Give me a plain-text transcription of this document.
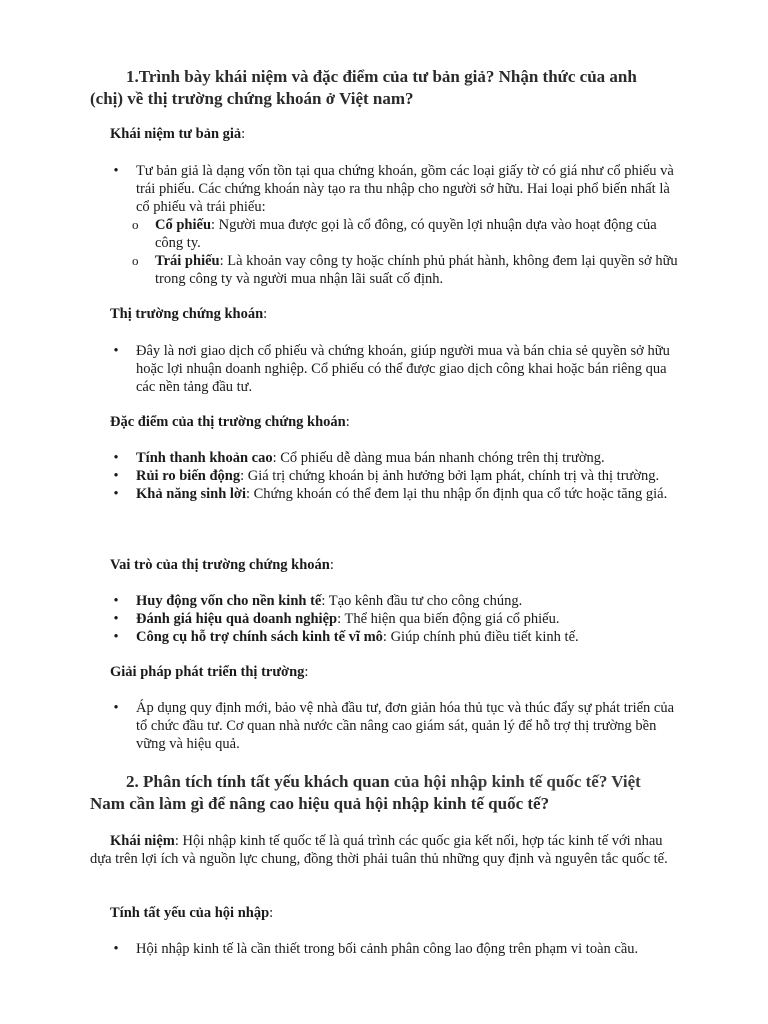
1.Trình bày khái niệm và đặc điểm của tư bản giả? Nhận thức của anh
(chị) về thị trường chứng khoán ở Việt nam?
Khái niệm tư bản giả:
• Tư bản giả là dạng vốn tồn tại qua chứng khoán, gồm các loại giấy tờ có giá như cổ phiếu và trái phiếu. Các chứng khoán này tạo ra thu nhập cho người sở hữu. Hai loại phổ biến nhất là cổ phiếu và trái phiếu:
o Cổ phiếu: Người mua được gọi là cổ đông, có quyền lợi nhuận dựa vào hoạt động của công ty.
o Trái phiếu: Là khoản vay công ty hoặc chính phủ phát hành, không đem lại quyền sở hữu trong công ty và người mua nhận lãi suất cố định.
Thị trường chứng khoán:
• Đây là nơi giao dịch cổ phiếu và chứng khoán, giúp người mua và bán chia sẻ quyền sở hữu hoặc lợi nhuận doanh nghiệp. Cổ phiếu có thể được giao dịch công khai hoặc bán riêng qua các nền tảng đầu tư.
Đặc điểm của thị trường chứng khoán:
• Tính thanh khoản cao: Cổ phiếu dễ dàng mua bán nhanh chóng trên thị trường.
• Rủi ro biến động: Giá trị chứng khoán bị ảnh hưởng bởi lạm phát, chính trị và thị trường.
• Khả năng sinh lời: Chứng khoán có thể đem lại thu nhập ổn định qua cổ tức hoặc tăng giá.
Vai trò của thị trường chứng khoán:
• Huy động vốn cho nền kinh tế: Tạo kênh đầu tư cho công chúng.
• Đánh giá hiệu quả doanh nghiệp: Thể hiện qua biến động giá cổ phiếu.
• Công cụ hỗ trợ chính sách kinh tế vĩ mô: Giúp chính phủ điều tiết kinh tế.
Giải pháp phát triển thị trường:
• Áp dụng quy định mới, bảo vệ nhà đầu tư, đơn giản hóa thủ tục và thúc đẩy sự phát triển của tổ chức đầu tư. Cơ quan nhà nước cần nâng cao giám sát, quản lý để hỗ trợ thị trường bền vững và hiệu quả.
2. Phân tích tính tất yếu khách quan của hội nhập kinh tế quốc tế? Việt
Nam cần làm gì để nâng cao hiệu quả hội nhập kinh tế quốc tế?
Khái niệm: Hội nhập kinh tế quốc tế là quá trình các quốc gia kết nối, hợp tác kinh tế với nhau dựa trên lợi ích và nguồn lực chung, đồng thời phải tuân thủ những quy định và nguyên tắc quốc tế.
Tính tất yếu của hội nhập:
• Hội nhập kinh tế là cần thiết trong bối cảnh phân công lao động trên phạm vi toàn cầu.
